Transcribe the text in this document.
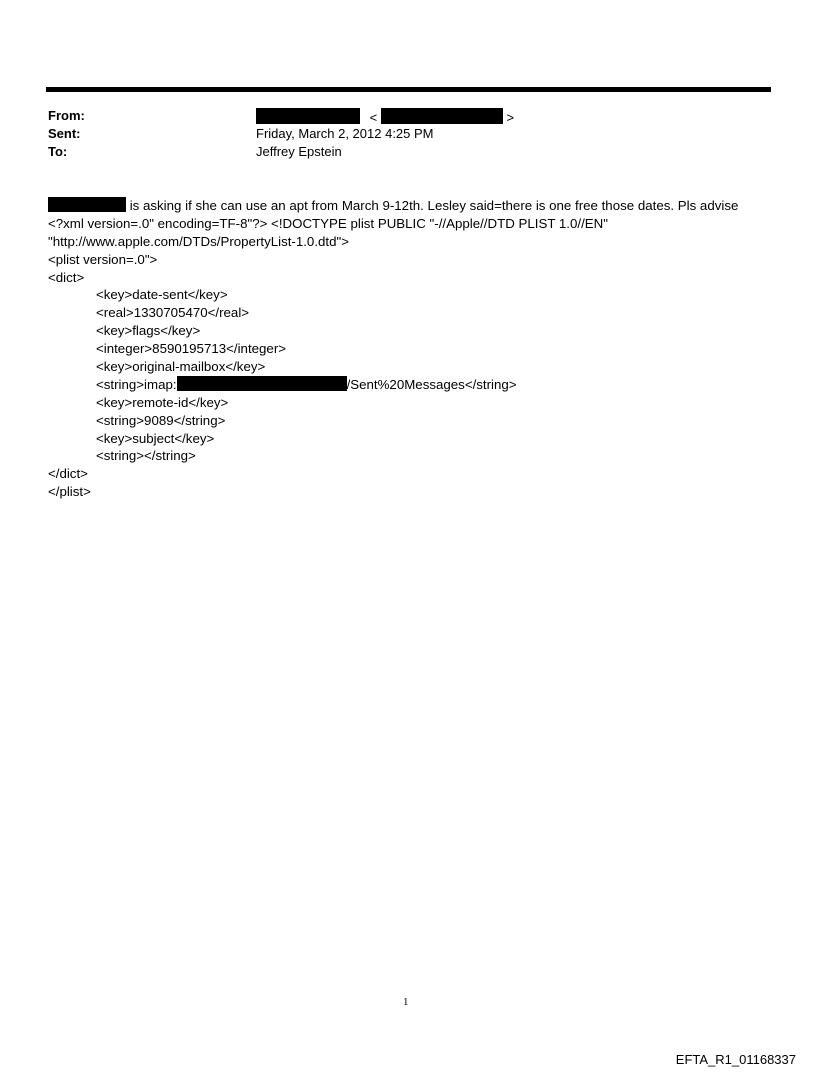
From:	<	>
Sent:	Friday, March 2, 2012 4:25 PM
To:	Jeffrey Epstein
is asking if she can use an apt from March 9-12th. Lesley said=there is one free those dates. Pls advise
<?xml version=.0" encoding=TF-8"?> <!DOCTYPE plist PUBLIC "-//Apple//DTD PLIST 1.0//EN"
"http://www.apple.com/DTDs/PropertyList-1.0.dtd">
<plist version=.0">
<dict>
<key>date-sent</key>
<real>1330705470</real>
<key>flags</key>
<integer>8590195713</integer>
<key>original-mailbox</key>
<string>imap:	/Sent%20Messages</string>
<key>remote-id</key>
<string>9089</string>
<key>subject</key>
<string></string>
</dict>
</plist>
1
EFTA_R1_01168337
